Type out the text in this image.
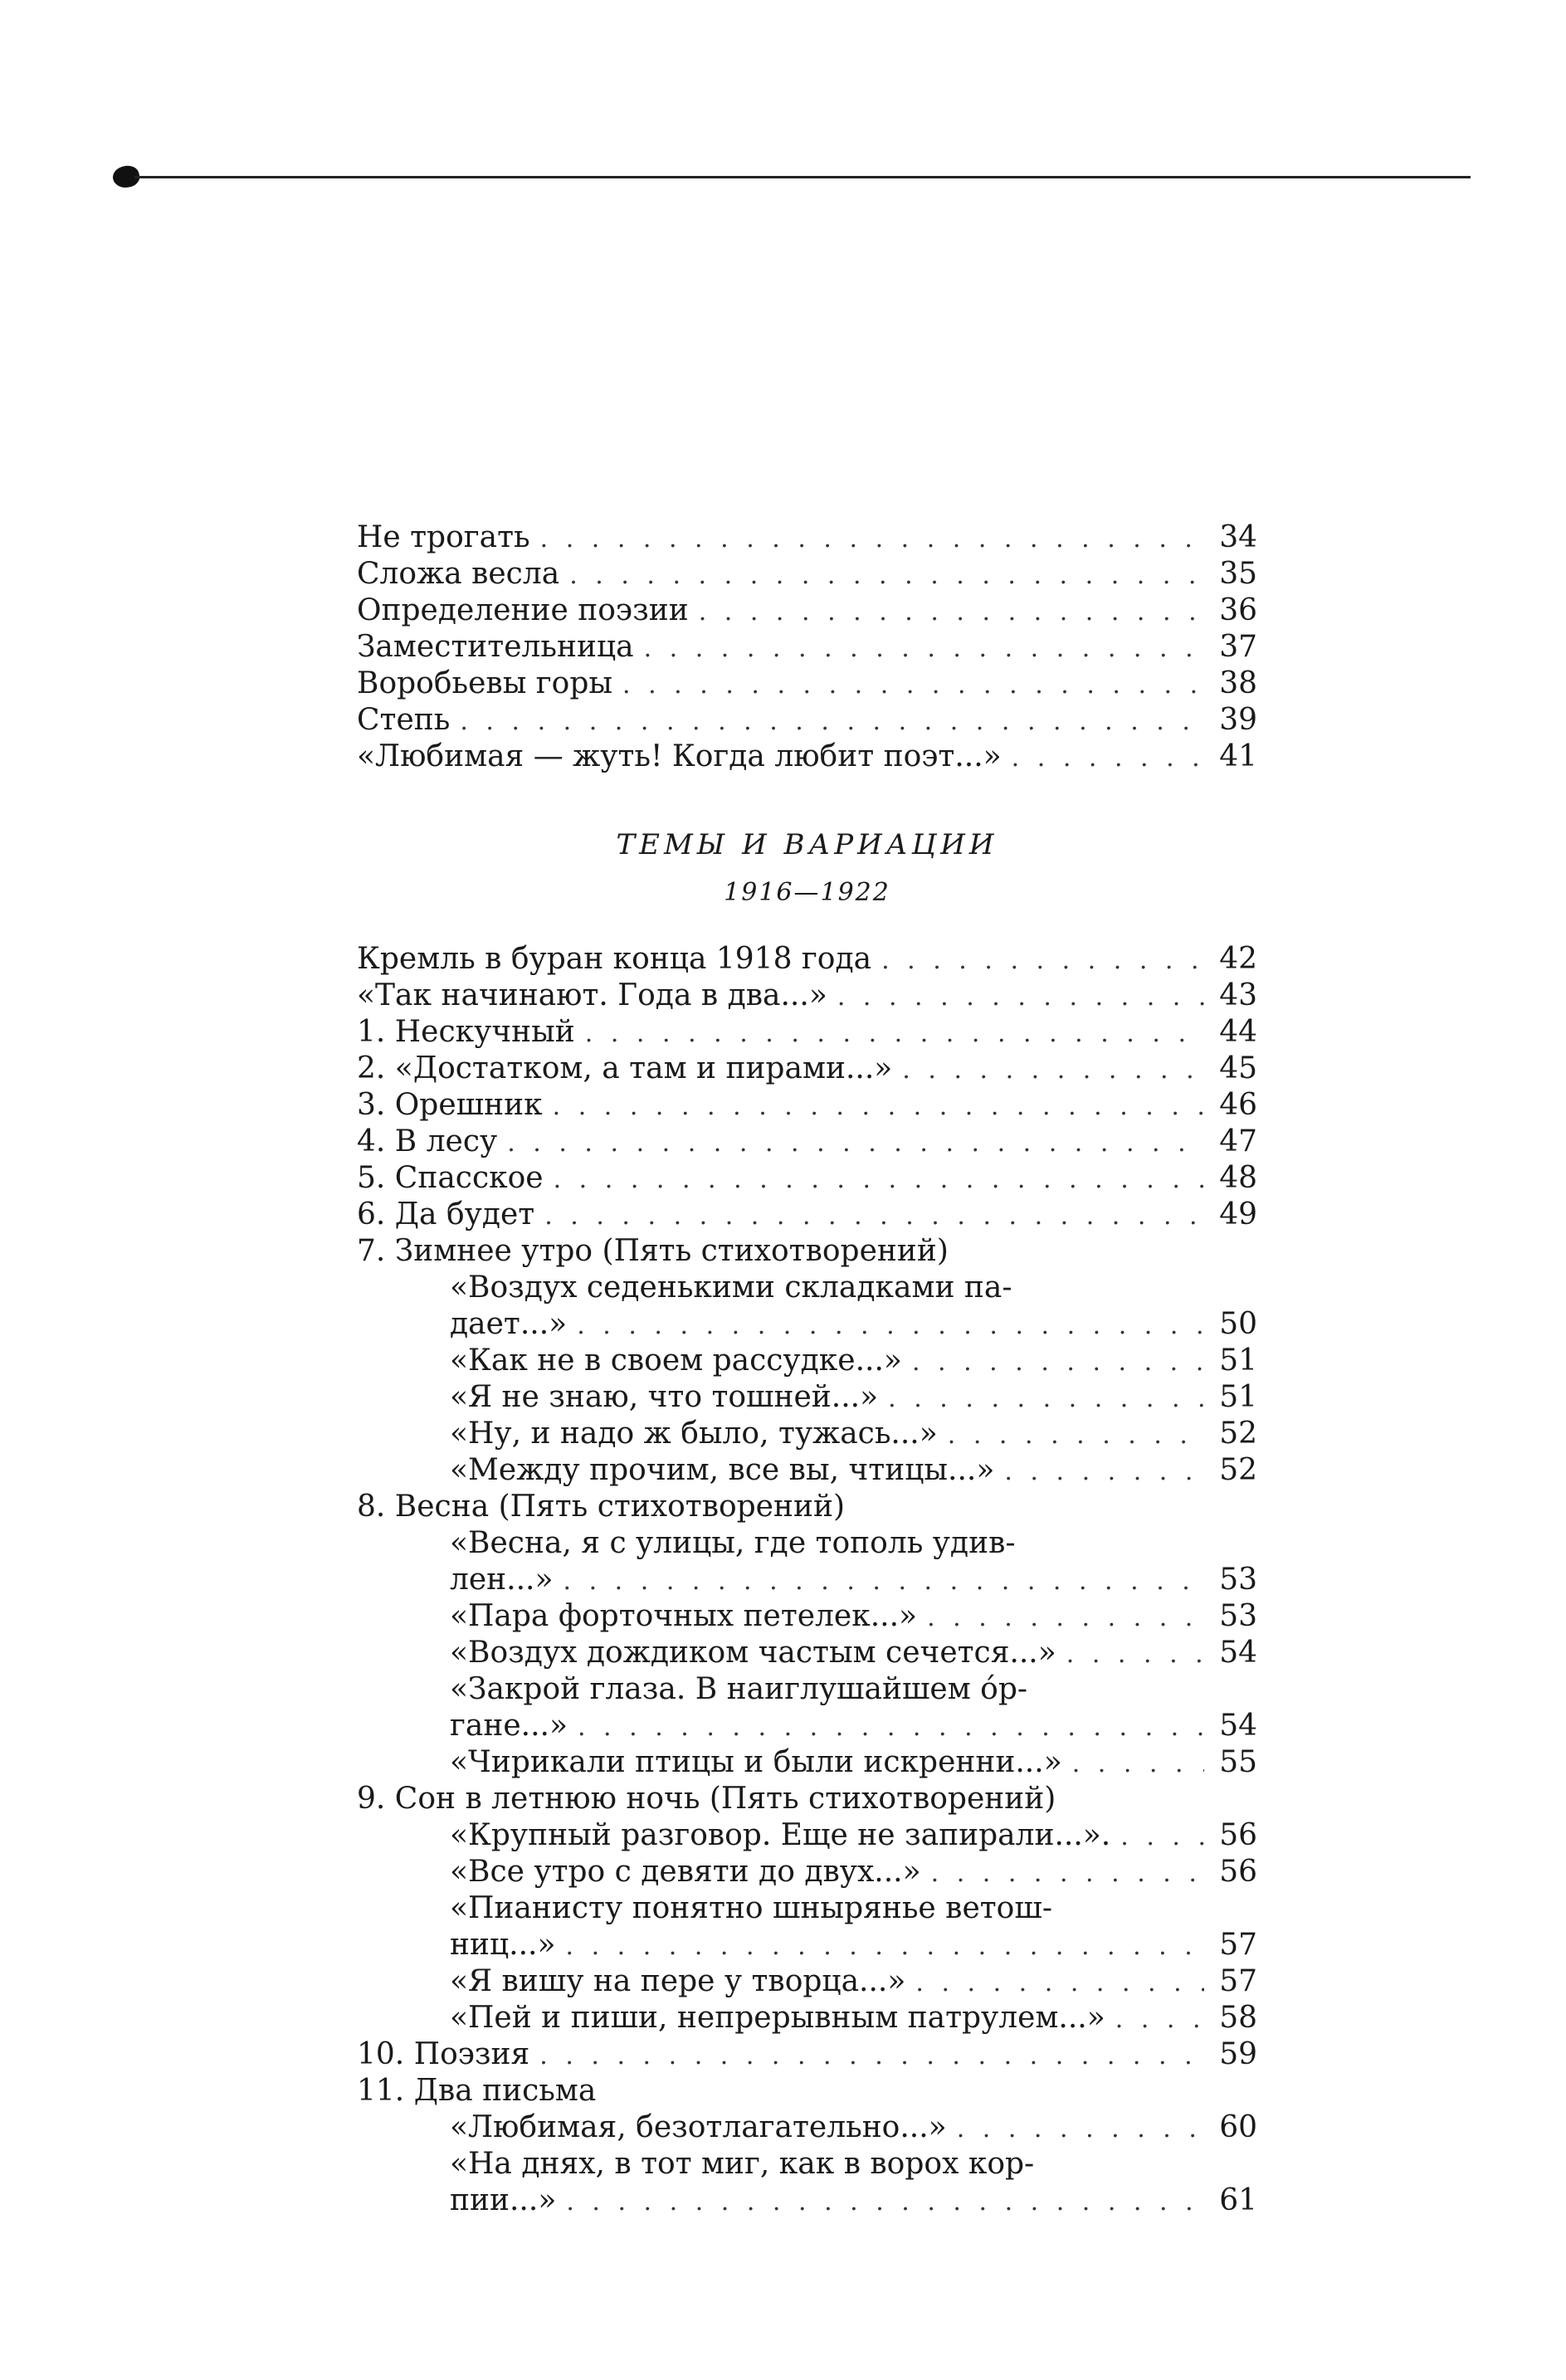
Не трогать . . .	34
Сложа весла . . .	35
Определение поэзии . . .	36
Заместительница . . .	37
Воробьевы горы . . .	38
Степь . . .	39
«Любимая — жуть! Когда любит поэт...» . . .	41
ТЕМЫ И ВАРИАЦИИ
1916—1922
Кремль в буран конца 1918 года . . .	42
«Так начинают. Года в два...» . . .	43
1. Нескучный . . .	44
2. «Достатком, а там и пирами...» . . .	45
3. Орешник . . .	46
4. В лесу . . .	47
5. Спасское . . .	48
6. Да будет . . .	49
7. Зимнее утро (Пять стихотворений)
«Воздух седенькими складками па-
дает...» . . .	50
«Как не в своем рассудке...» . . .	51
«Я не знаю, что тошней...» . . .	51
«Ну, и надо ж было, тужась...» . . .	52
«Между прочим, все вы, чтицы...» . . .	52
8. Весна (Пять стихотворений)
«Весна, я с улицы, где тополь удив-
лен...» . . .	53
«Пара форточных петелек...» . . .	53
«Воздух дождиком частым сечется...» . . .	54
«Закрой глаза. В наиглушайшем о́р-
гане...» . . .	54
«Чирикали птицы и были искренни...» . . .	55
9. Сон в летнюю ночь (Пять стихотворений)
«Крупный разговор. Еще не запирали...». . . .	56
«Все утро с девяти до двух...» . . .	56
«Пианисту понятно шнырянье ветош-
ниц...» . . .	57
«Я вишу на пере у творца...» . . .	57
«Пей и пиши, непрерывным патрулем...» . . .	58
10. Поэзия . . .	59
11. Два письма
«Любимая, безотлагательно...» . . .	60
«На днях, в тот миг, как в ворох кор-
пии...» . . .	61
